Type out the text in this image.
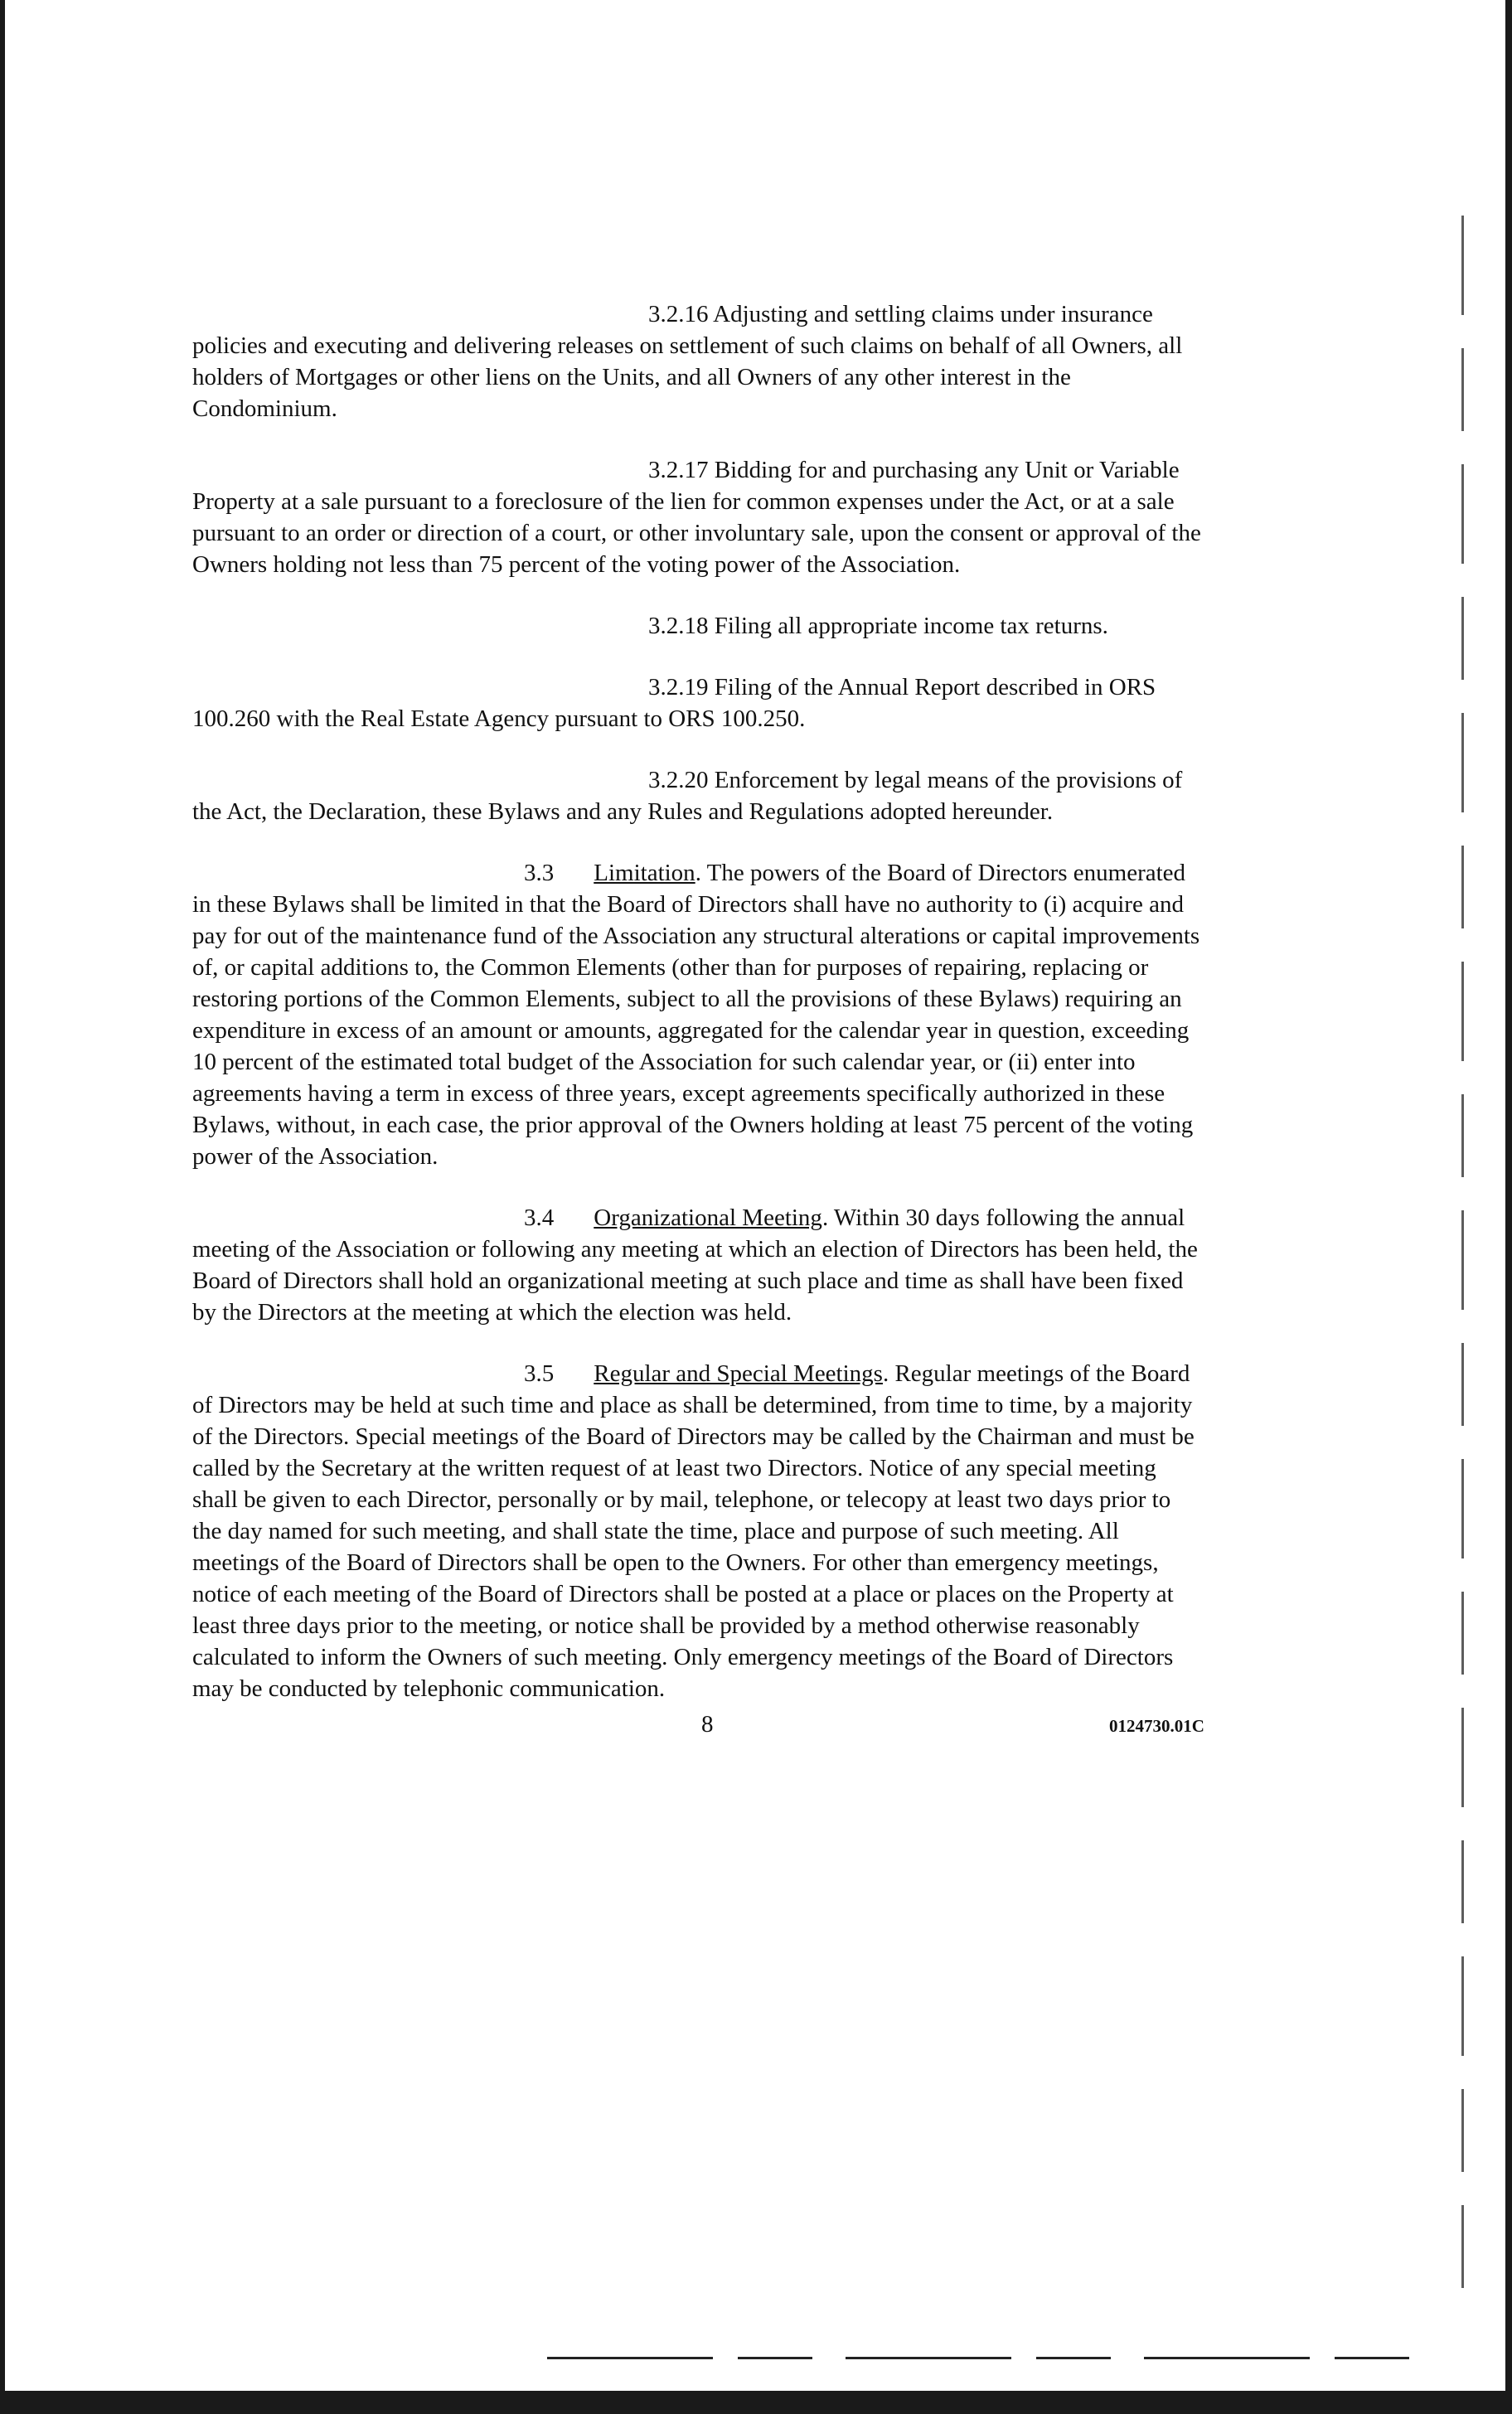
3.2.16 Adjusting and settling claims under insurance policies and executing and delivering releases on settlement of such claims on behalf of all Owners, all holders of Mortgages or other liens on the Units, and all Owners of any other interest in the Condominium.

3.2.17 Bidding for and purchasing any Unit or Variable Property at a sale pursuant to a foreclosure of the lien for common expenses under the Act, or at a sale pursuant to an order or direction of a court, or other involuntary sale, upon the consent or approval of the Owners holding not less than 75 percent of the voting power of the Association.

3.2.18 Filing all appropriate income tax returns.

3.2.19 Filing of the Annual Report described in ORS 100.260 with the Real Estate Agency pursuant to ORS 100.250.

3.2.20 Enforcement by legal means of the provisions of the Act, the Declaration, these Bylaws and any Rules and Regulations adopted hereunder.

3.3 Limitation. The powers of the Board of Directors enumerated in these Bylaws shall be limited in that the Board of Directors shall have no authority to (i) acquire and pay for out of the maintenance fund of the Association any structural alterations or capital improvements of, or capital additions to, the Common Elements (other than for purposes of repairing, replacing or restoring portions of the Common Elements, subject to all the provisions of these Bylaws) requiring an expenditure in excess of an amount or amounts, aggregated for the calendar year in question, exceeding 10 percent of the estimated total budget of the Association for such calendar year, or (ii) enter into agreements having a term in excess of three years, except agreements specifically authorized in these Bylaws, without, in each case, the prior approval of the Owners holding at least 75 percent of the voting power of the Association.

3.4 Organizational Meeting. Within 30 days following the annual meeting of the Association or following any meeting at which an election of Directors has been held, the Board of Directors shall hold an organizational meeting at such place and time as shall have been fixed by the Directors at the meeting at which the election was held.

3.5 Regular and Special Meetings. Regular meetings of the Board of Directors may be held at such time and place as shall be determined, from time to time, by a majority of the Directors. Special meetings of the Board of Directors may be called by the Chairman and must be called by the Secretary at the written request of at least two Directors. Notice of any special meeting shall be given to each Director, personally or by mail, telephone, or telecopy at least two days prior to the day named for such meeting, and shall state the time, place and purpose of such meeting. All meetings of the Board of Directors shall be open to the Owners. For other than emergency meetings, notice of each meeting of the Board of Directors shall be posted at a place or places on the Property at least three days prior to the meeting, or notice shall be provided by a method otherwise reasonably calculated to inform the Owners of such meeting. Only emergency meetings of the Board of Directors may be conducted by telephonic communication.

8	0124730.01C
